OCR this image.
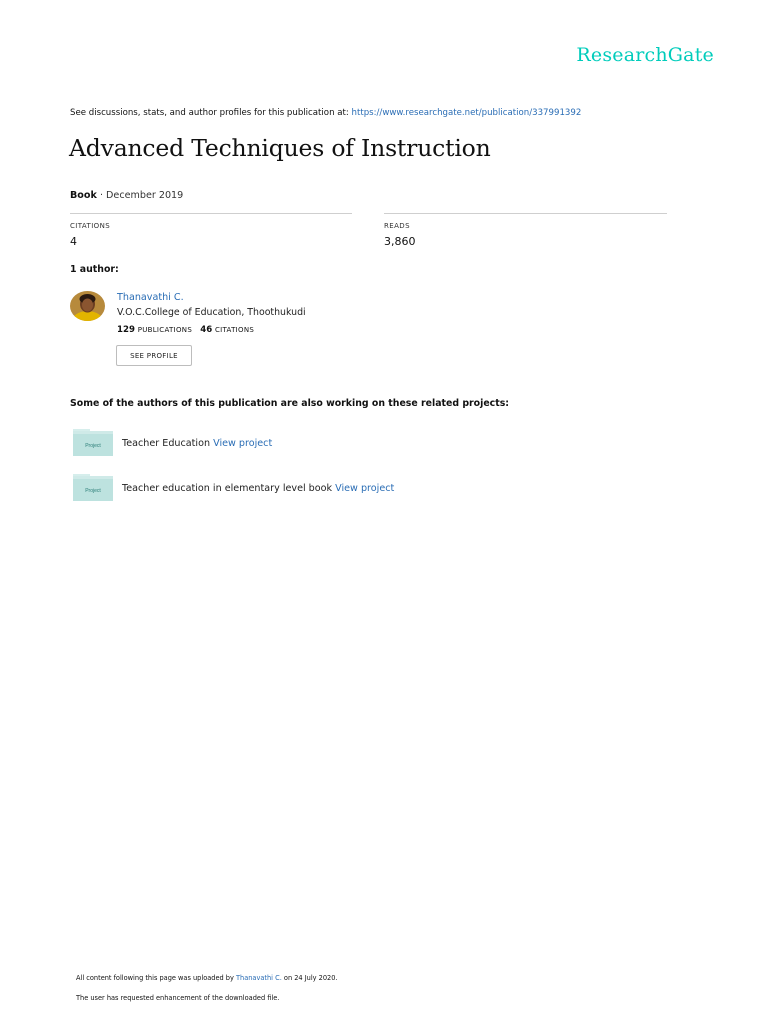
ResearchGate
See discussions, stats, and author profiles for this publication at: https://www.researchgate.net/publication/337991392
Advanced Techniques of Instruction
Book · December 2019
CITATIONS
4
READS
3,860
1 author:
Thanavathi C.
V.O.C.College of Education, Thoothukudi
129 PUBLICATIONS 46 CITATIONS
SEE PROFILE
Some of the authors of this publication are also working on these related projects:
Project Teacher Education View project
Project Teacher education in elementary level book View project
All content following this page was uploaded by Thanavathi C. on 24 July 2020.
The user has requested enhancement of the downloaded file.
